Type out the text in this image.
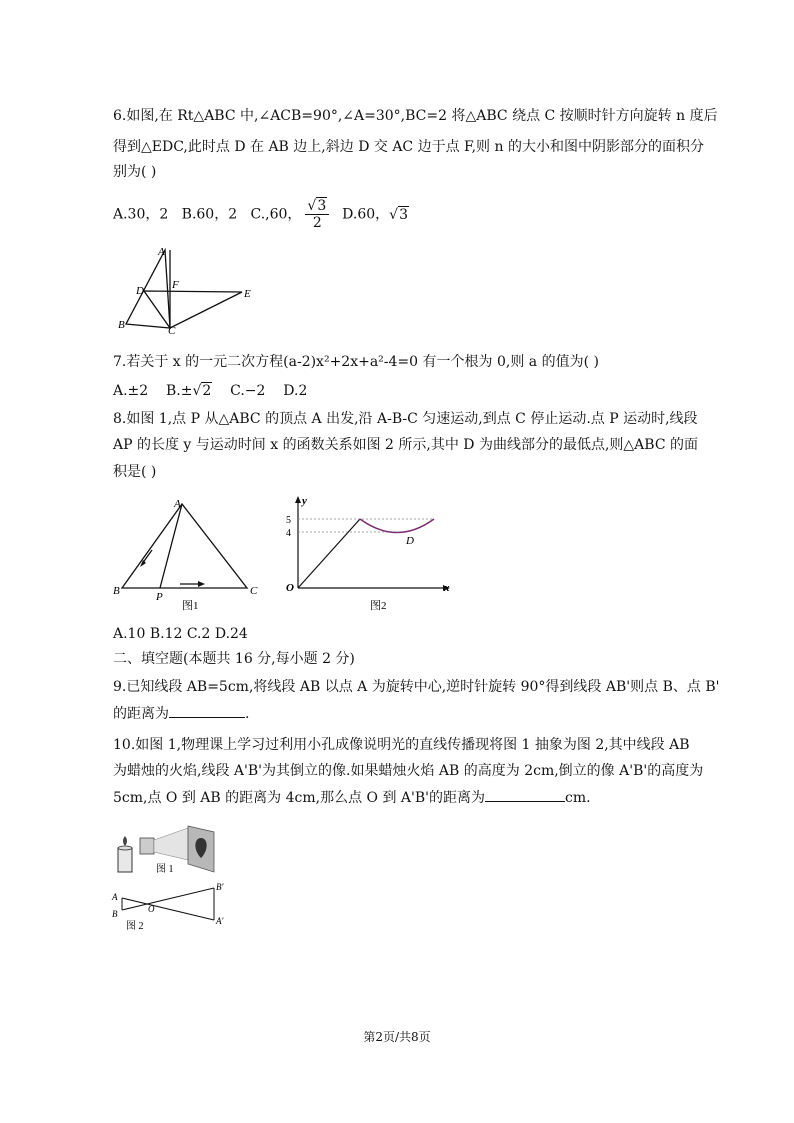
6.如图,在 Rt△ABC 中,∠ACB=90°,∠A=30°,BC=2 将△ABC 绕点 C 按顺时针方向旋转 n 度后
得到△EDC,此时点 D 在 AB 边上,斜边 D 交 AC 边于点 F,则 n 的大小和图中阴影部分的面积分
别为( )
A.30，2 B.60，2 C.,60， $\frac{√3}{2} D.60$，√3
A
D	F
E
B	C
7.若关于 x 的一元二次方程(a-2)x²+2x+a²-4=0 有一个根为 0,则 a 的值为( )
A.±2 B.±√2 C.−2 D.2
8.如图 1,点 P 从△ABC 的顶点 A 出发,沿 A-B-C 匀速运动,到点 C 停止运动.点 P 运动时,线段
AP 的长度 y 与运动时间 x 的函数关系如图 2 所示,其中 D 为曲线部分的最低点,则△ABC 的面
积是( )
A
B	C
P
图1
y
x
O
5
4
D
图2
A.10 B.12 C.2 D.24
二、填空题(本题共 16 分,每小题 2 分)
9.已知线段 AB=5cm,将线段 AB 以点 A 为旋转中心,逆时针旋转 90°得到线段 AB'则点 B、点 B'
的距离为	.
10.如图 1,物理课上学习过利用小孔成像说明光的直线传播现将图 1 抽象为图 2,其中线段 AB
为蜡烛的火焰,线段 A'B'为其倒立的像.如果蜡烛火焰 AB 的高度为 2cm,倒立的像 A'B'的高度为
5cm,点 O 到 AB 的距离为 4cm,那么点 O 到 A'B'的距离为	cm.
图 1
A
B	O
B′
A′
图 2
第2页/共8页
